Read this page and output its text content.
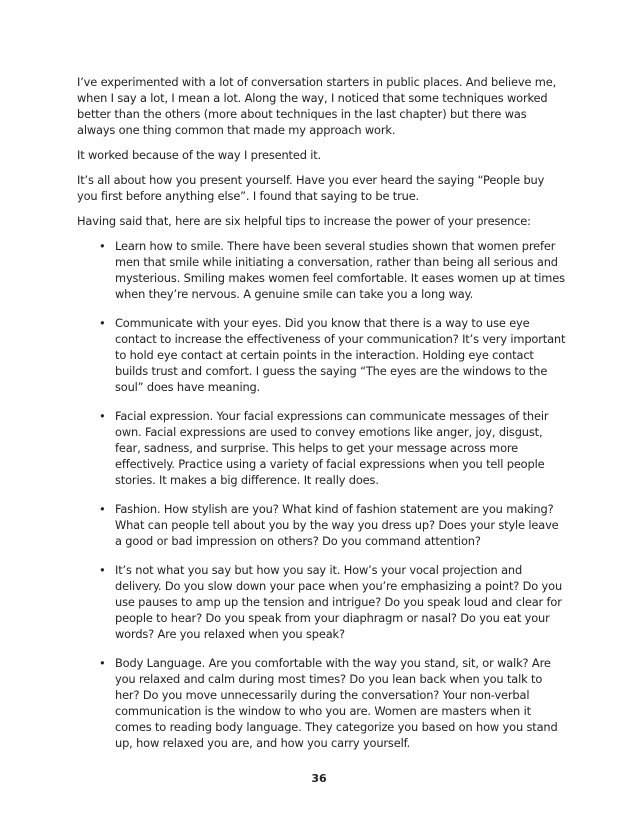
I’ve experimented with a lot of conversation starters in public places. And believe me, when I say a lot, I mean a lot. Along the way, I noticed that some techniques worked better than the others (more about techniques in the last chapter) but there was always one thing common that made my approach work.

It worked because of the way I presented it.

It’s all about how you present yourself. Have you ever heard the saying “People buy you first before anything else”. I found that saying to be true.

Having said that, here are six helpful tips to increase the power of your presence:

• Learn how to smile. There have been several studies shown that women prefer men that smile while initiating a conversation, rather than being all serious and mysterious. Smiling makes women feel comfortable. It eases women up at times when they’re nervous. A genuine smile can take you a long way.
• Communicate with your eyes. Did you know that there is a way to use eye contact to increase the effectiveness of your communication? It’s very important to hold eye contact at certain points in the interaction. Holding eye contact builds trust and comfort. I guess the saying “The eyes are the windows to the soul” does have meaning.
• Facial expression. Your facial expressions can communicate messages of their own. Facial expressions are used to convey emotions like anger, joy, disgust, fear, sadness, and surprise. This helps to get your message across more effectively. Practice using a variety of facial expressions when you tell people stories. It makes a big difference. It really does.
• Fashion. How stylish are you? What kind of fashion statement are you making? What can people tell about you by the way you dress up? Does your style leave a good or bad impression on others? Do you command attention?
• It’s not what you say but how you say it. How’s your vocal projection and delivery. Do you slow down your pace when you’re emphasizing a point? Do you use pauses to amp up the tension and intrigue? Do you speak loud and clear for people to hear? Do you speak from your diaphragm or nasal? Do you eat your words? Are you relaxed when you speak?
• Body Language. Are you comfortable with the way you stand, sit, or walk? Are you relaxed and calm during most times? Do you lean back when you talk to her? Do you move unnecessarily during the conversation? Your non-verbal communication is the window to who you are. Women are masters when it comes to reading body language. They categorize you based on how you stand up, how relaxed you are, and how you carry yourself.
36
